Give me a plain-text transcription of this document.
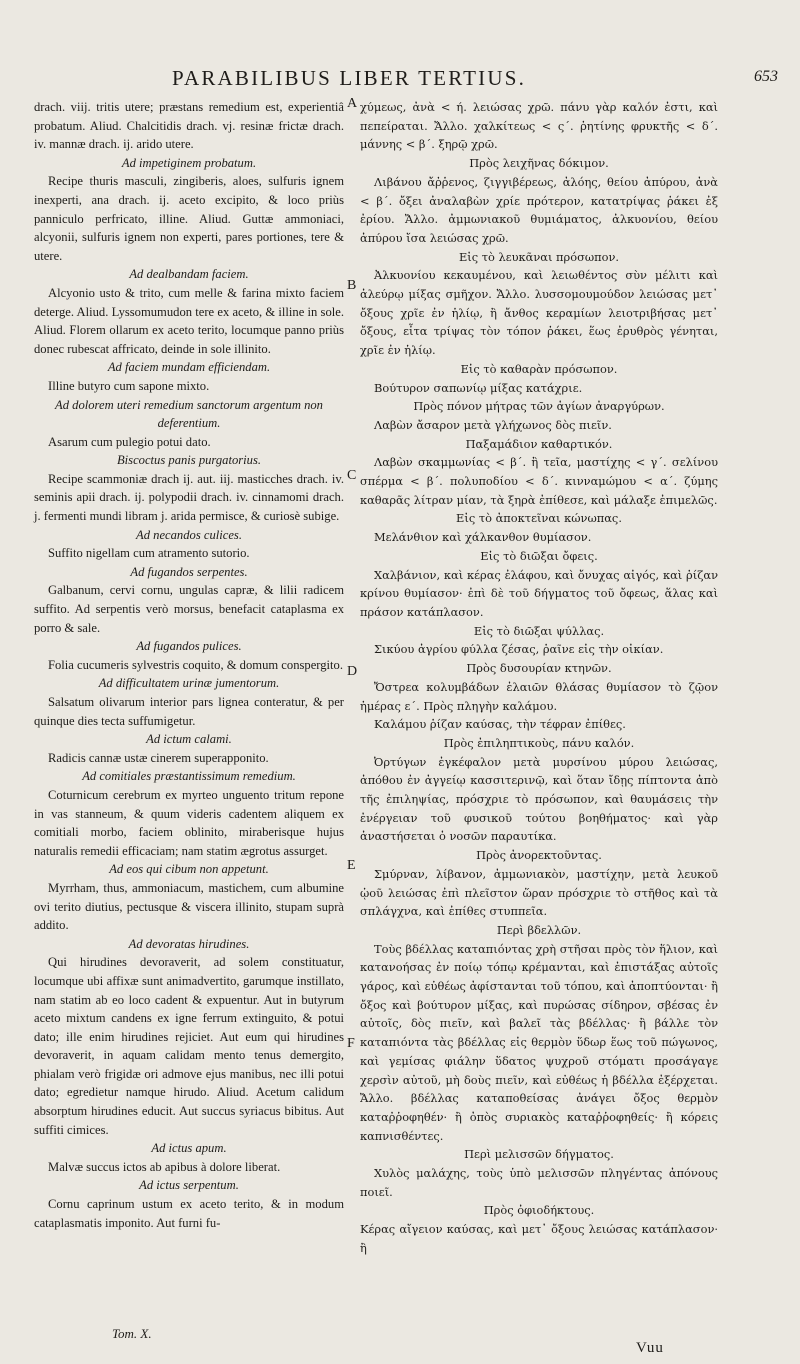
PARABILIBUS LIBER TERTIUS.	653

drach. viij. tritis utere; præstans remedium est, experientiâ probatum. Aliud. Chalcitidis drach. vj. resinæ frictæ drach. iv. mannæ drach. ij. arido utere.

Ad impetiginem probatum.

Recipe thuris masculi, zingiberis, aloes, sulfuris ignem inexperti, ana drach. ij. aceto excipito, & loco priùs panniculo perfricato, illine. Aliud. Guttæ ammoniaci, alcyonii, sulfuris ignem non experti, pares portiones, tere & utere.

Ad dealbandam faciem.

Alcyonio usto & trito, cum melle & farina mixto faciem deterge. Aliud. Lyssomumudon tere ex aceto, & illine in sole. Aliud. Florem ollarum ex aceto terito, locumque panno priùs donec rubescat affricato, deinde in sole illinito.

Ad faciem mundam efficiendam.

Illine butyro cum sapone mixto.

Ad dolorem uteri remedium sanctorum argentum non deferentium.

Asarum cum pulegio potui dato.

Biscoctus panis purgatorius.

Recipe scammoniæ drach ij. aut. iij. masticches drach. iv. seminis apii drach. ij. polypodii drach. iv. cinnamomi drach. j. fermenti mundi libram j. arida permisce, & curiosè subige.

Ad necandos culices.

Suffito nigellam cum atramento sutorio.

Ad fugandos serpentes.

Galbanum, cervi cornu, ungulas capræ, & lilii radicem suffito. Ad serpentis verò morsus, benefacit cataplasma ex porro & sale.

Ad fugandos pulices.

Folia cucumeris sylvestris coquito, & domum conspergito.

Ad difficultatem urinæ jumentorum.

Salsatum olivarum interior pars lignea conteratur, & per quinque dies tecta suffumigetur.

Ad ictum calami.

Radicis cannæ ustæ cinerem superapponito.

Ad comitiales præstantissimum remedium.

Coturnicum cerebrum ex myrteo unguento tritum repone in vas stanneum, & quum videris cadentem aliquem ex comitiali morbo, faciem oblinito, miraberisque hujus naturalis remedii efficaciam; nam statim ægrotus assurget.

Ad eos qui cibum non appetunt.

Myrrham, thus, ammoniacum, mastichem, cum albumine ovi terito diutius, pectusque & viscera illinito, stupam suprà addito.

Ad devoratas hirudines.

Qui hirudines devoraverit, ad solem constituatur, locumque ubi affixæ sunt animadvertito, garumque instillato, nam statim ab eo loco cadent & expuentur. Aut in butyrum aceto mixtum candens ex igne ferrum extinguito, & potui dato; ille enim hirudines rejiciet. Aut eum qui hirudines devoraverit, in aquam calidam mento tenus demergito, phialam verò frigidæ ori admove ejus manibus, nec illi potui dato; egredietur namque hirudo. Aliud. Acetum calidum absorptum hirudines educit. Aut succus syriacus bibitus. Aut suffiti cimices.

Ad ictus apum.

Malvæ succus ictos ab apibus à dolore liberat.

Ad ictus serpentum.

Cornu caprinum ustum ex aceto terito, & in modum cataplasmatis imponito. Aut furni fu-

χύμεως, ἀνὰ < ή. λειώσας χρῶ. πάνυ γὰρ καλόν ἐστι, καὶ πεπείραται. Ἄλλο. χαλκίτεως < ς΄. ῥητίνης φρυκτῆς < δ΄. μάννης < β΄. ξηρῷ χρῶ.

Πρὸς λειχῆνας δόκιμον.

Λιβάνου ἄῤῥενος, ζιγγιβέρεως, ἀλόης, θείου ἀπύρου, ἀνὰ < β΄. ὄξει ἀναλαβὼν χρίε πρότερον, κατατρίψας ῥάκει ἐξ ἐρίου. Ἄλλο. ἀμμωνιακοῦ θυμιάματος, ἀλκυονίου, θείου ἀπύρου ἴσα λειώσας χρῶ.

Εἰς τὸ λευκᾶναι πρόσωπον.

Ἀλκυονίου κεκαυμένου, καὶ λειωθέντος σὺν μέλιτι καὶ ἀλεύρῳ μίξας σμῆχον. Ἄλλο. λυσσομουμούδον λειώσας μετ᾽ ὄξους χρῖε ἐν ἡλίῳ, ἢ ἄνθος κεραμίων λειοτριβήσας μετ᾽ ὄξους, εἶτα τρίψας τὸν τόπον ῥάκει, ἕως ἐρυθρὸς γένηται, χρῖε ἐν ἡλίῳ.

Εἰς τὸ καθαρὰν πρόσωπον.

Βούτυρον σαπωνίῳ μίξας κατάχριε.

Πρὸς πόνον μήτρας τῶν ἁγίων ἀναργύρων.

Λαβὼν ἄσαρον μετὰ γλήχωνος δὸς πιεῖν.

Παξαμάδιον καθαρτικόν.

Λαβὼν σκαμμωνίας < β΄. ἢ τεῖα, μαστίχης < γ΄. σελίνου σπέρμα < β΄. πολυποδίου < δ΄. κινναμώμου < α΄. ζύμης καθαρᾶς λίτραν μίαν, τὰ ξηρὰ ἐπίθεσε, καὶ μάλαξε ἐπιμελῶς.

Εἰς τὸ ἀποκτεῖναι κώνωπας.

Μελάνθιον καὶ χάλκανθον θυμίασον.

Εἰς τὸ διῶξαι ὄφεις.

Χαλβάνιον, καὶ κέρας ἐλάφου, καὶ ὄνυχας αἰγός, καὶ ῥίζαν κρίνου θυμίασον· ἐπὶ δὲ τοῦ δήγματος τοῦ ὄφεως, ἅλας καὶ πράσον κατάπλασον.

Εἰς τὸ διῶξαι ψύλλας.

Σικύου ἀγρίου φύλλα ζέσας, ῥαῖνε εἰς τὴν οἰκίαν.

Πρὸς δυσουρίαν κτηνῶν.

Ὄστρεα κολυμβάδων ἐλαιῶν θλάσας θυμίασον τὸ ζῷον ἡμέρας ε΄. Πρὸς πληγὴν καλάμου.

Καλάμου ῥίζαν καύσας, τὴν τέφραν ἐπίθες.

Πρὸς ἐπιληπτικοὺς, πάνυ καλόν.

Ὀρτύγων ἐγκέφαλον μετὰ μυρσίνου μύρου λειώσας, ἀπόθου ἐν ἀγγείῳ κασσιτερινῷ, καὶ ὅταν ἴδῃς πίπτοντα ἀπὸ τῆς ἐπιληψίας, πρόσχριε τὸ πρόσωπον, καὶ θαυμάσεις τὴν ἐνέργειαν τοῦ φυσικοῦ τούτου βοηθήματος· καὶ γὰρ ἀναστήσεται ὁ νοσῶν παραυτίκα.

Πρὸς ἀνορεκτοῦντας.

Σμύρναν, λίβανον, ἀμμωνιακὸν, μαστίχην, μετὰ λευκοῦ ᾠοῦ λειώσας ἐπὶ πλεῖστον ὥραν πρόσχριε τὸ στῆθος καὶ τὰ σπλάγχνα, καὶ ἐπίθες στυππεῖα.

Περὶ βδελλῶν.

Τοὺς βδέλλας καταπιόντας χρὴ στῆσαι πρὸς τὸν ἥλιον, καὶ κατανοήσας ἐν ποίῳ τόπῳ κρέμανται, καὶ ἐπιστάξας αὐτοῖς γάρος, καὶ εὐθέως ἀφίστανται τοῦ τόπου, καὶ ἀποπτύονται· ἢ ὄξος καὶ βούτυρον μίξας, καὶ πυρώσας σίδηρον, σβέσας ἐν αὐτοῖς, δὸς πιεῖν, καὶ βαλεῖ τὰς βδέλλας· ἢ βάλλε τὸν καταπιόντα τὰς βδέλλας εἰς θερμὸν ὕδωρ ἕως τοῦ πώγωνος, καὶ γεμίσας φιάλην ὕδατος ψυχροῦ στόματι προσάγαγε χερσὶν αὐτοῦ, μὴ δοὺς πιεῖν, καὶ εὐθέως ἡ βδέλλα ἐξέρχεται. Ἄλλο. βδέλλας καταποθείσας ἀνάγει ὄξος θερμὸν καταῤῥοφηθέν· ἢ ὀπὸς συριακὸς καταῤῥοφηθείς· ἢ κόρεις καπνισθέντες.

Περὶ μελισσῶν δήγματος.

Χυλὸς μαλάχης, τοὺς ὑπὸ μελισσῶν πληγέντας ἀπόνους ποιεῖ.

Πρὸς ὀφιοδήκτους.

Κέρας αἴγειον καύσας, καὶ μετ᾽ ὄξους λειώσας κατάπλασον· ἢ

A
B
C
D
E
F
Tom. X.
Vuu
